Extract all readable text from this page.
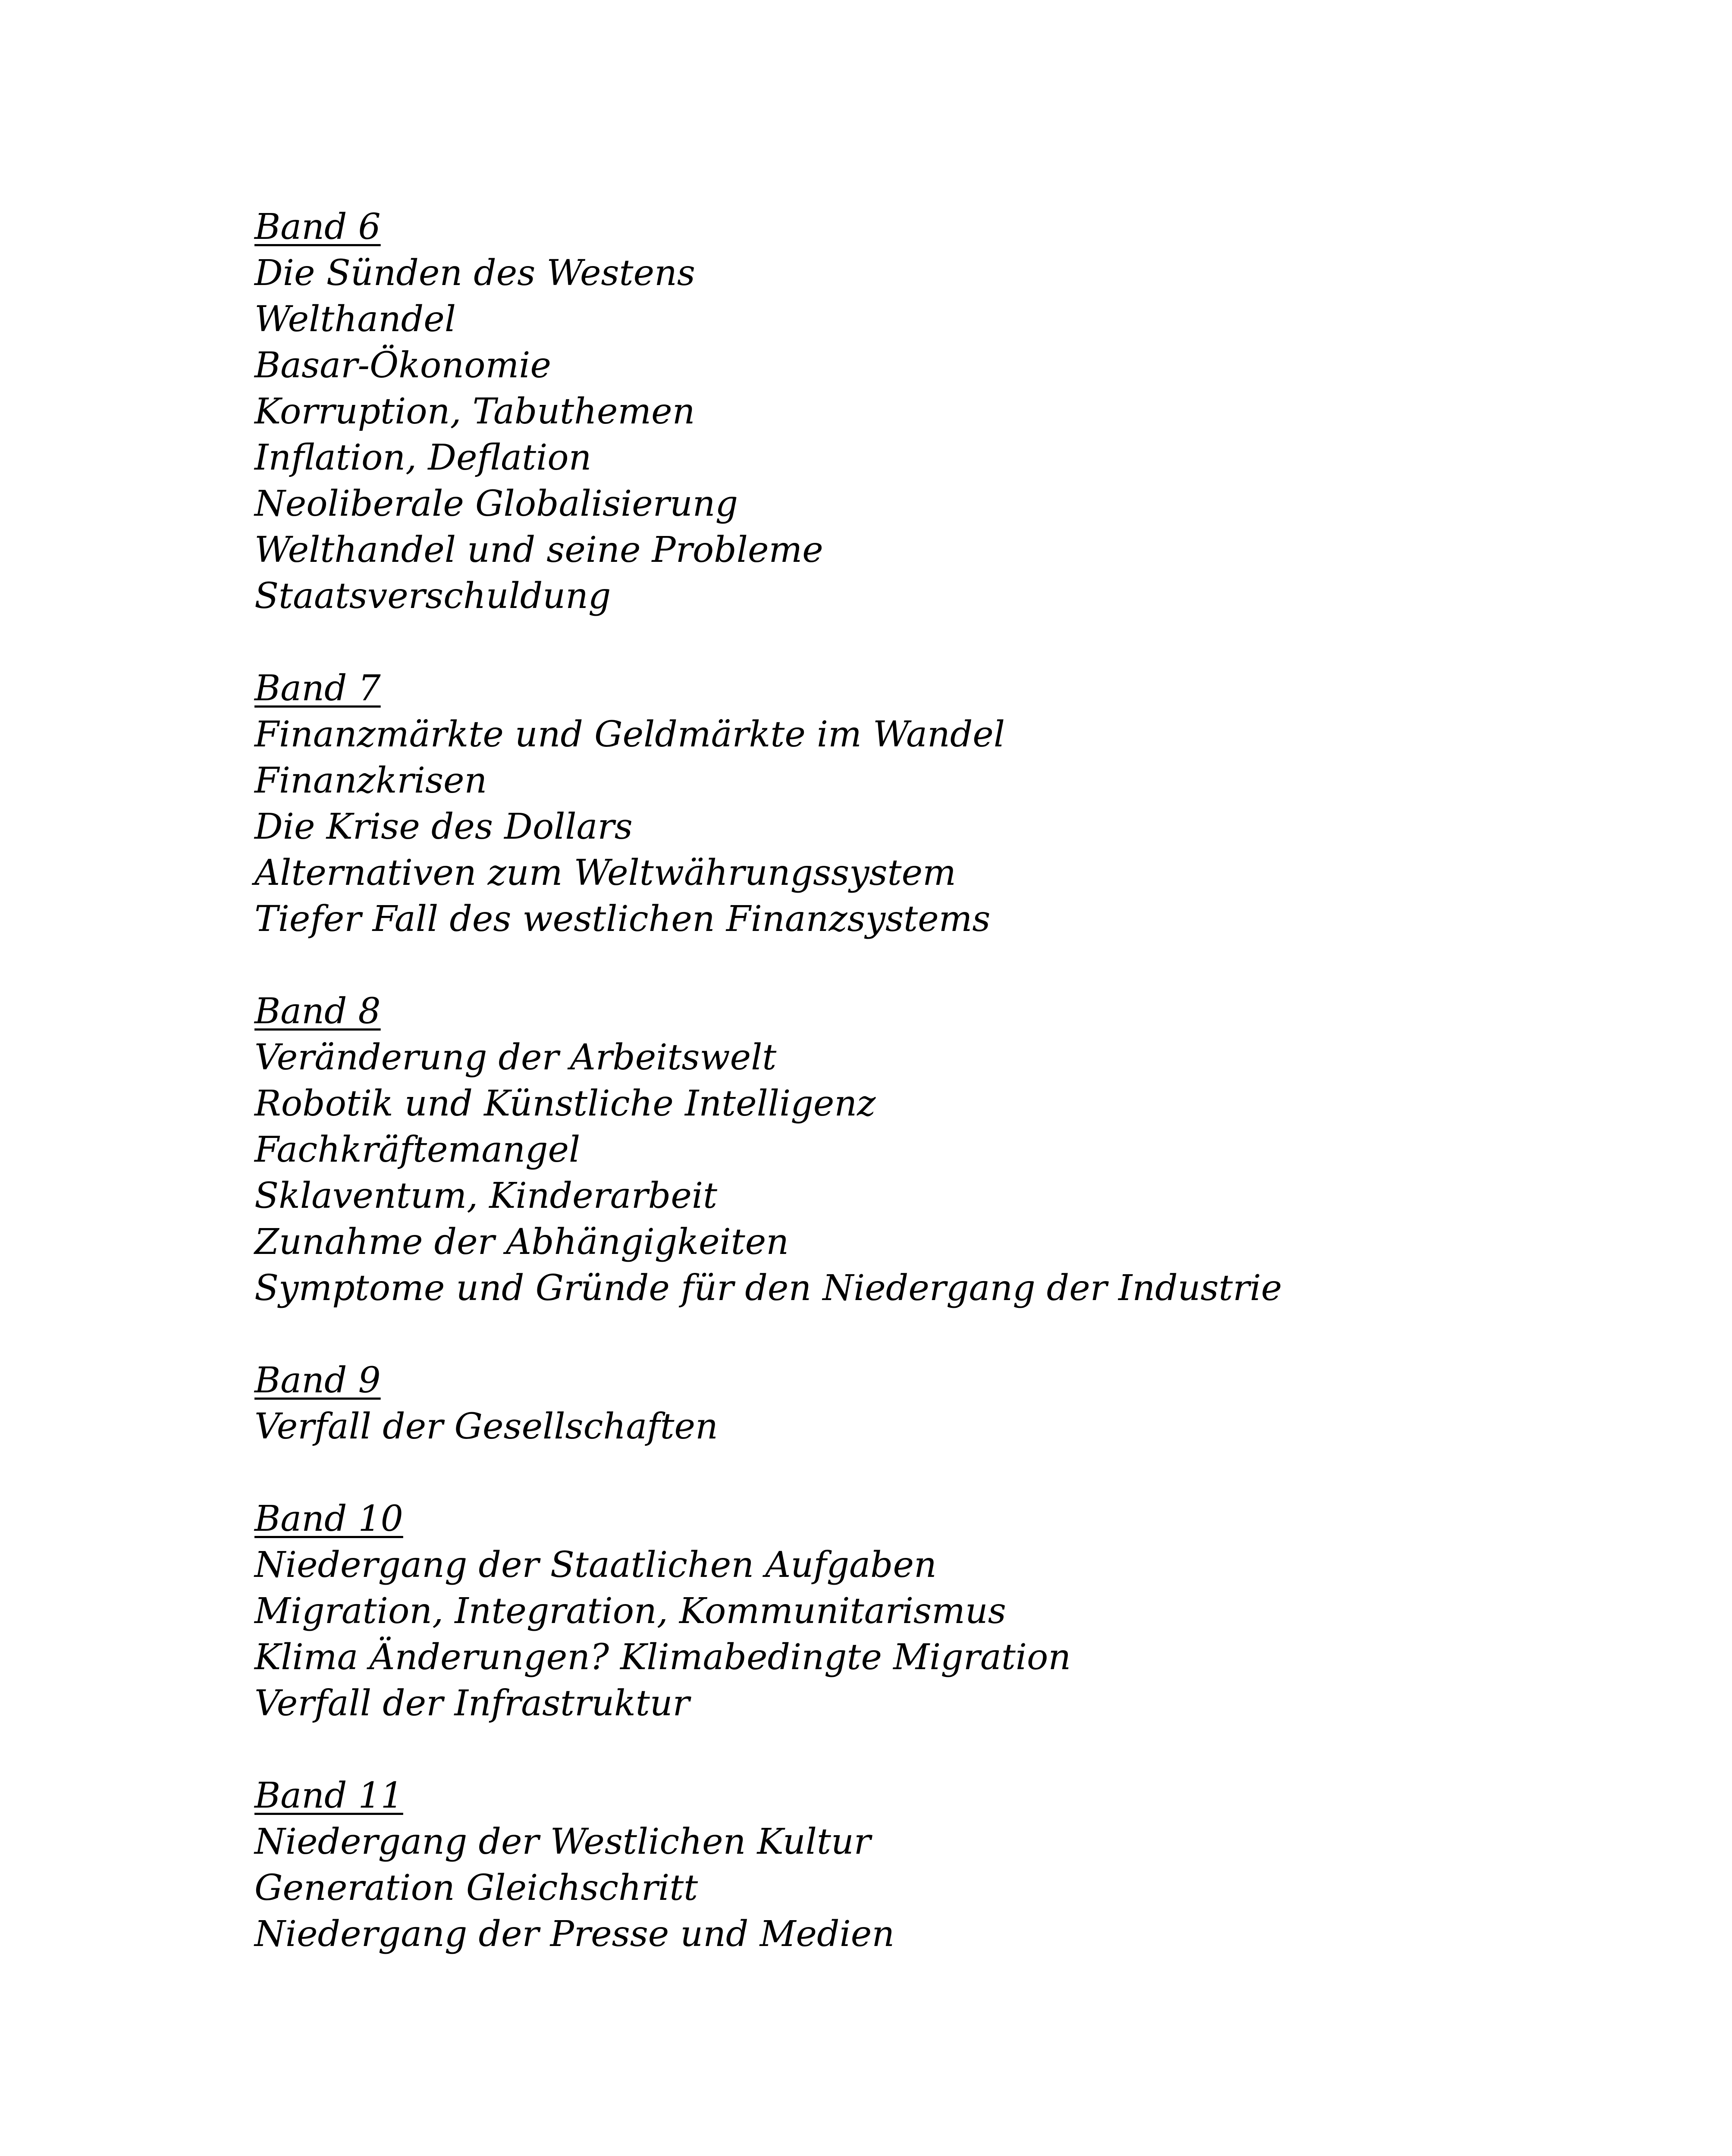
Band 6
Die Sünden des Westens
Welthandel
Basar-Ökonomie
Korruption, Tabuthemen
Inflation, Deflation
Neoliberale Globalisierung
Welthandel und seine Probleme
Staatsverschuldung
Band 7
Finanzmärkte und Geldmärkte im Wandel
Finanzkrisen
Die Krise des Dollars
Alternativen zum Weltwährungssystem
Tiefer Fall des westlichen Finanzsystems
Band 8
Veränderung der Arbeitswelt
Robotik und Künstliche Intelligenz
Fachkräftemangel
Sklaventum, Kinderarbeit
Zunahme der Abhängigkeiten
Symptome und Gründe für den Niedergang der Industrie
Band 9
Verfall der Gesellschaften
Band 10
Niedergang der Staatlichen Aufgaben
Migration, Integration, Kommunitarismus
Klima Änderungen? Klimabedingte Migration
Verfall der Infrastruktur
Band 11
Niedergang der Westlichen Kultur
Generation Gleichschritt
Niedergang der Presse und Medien
